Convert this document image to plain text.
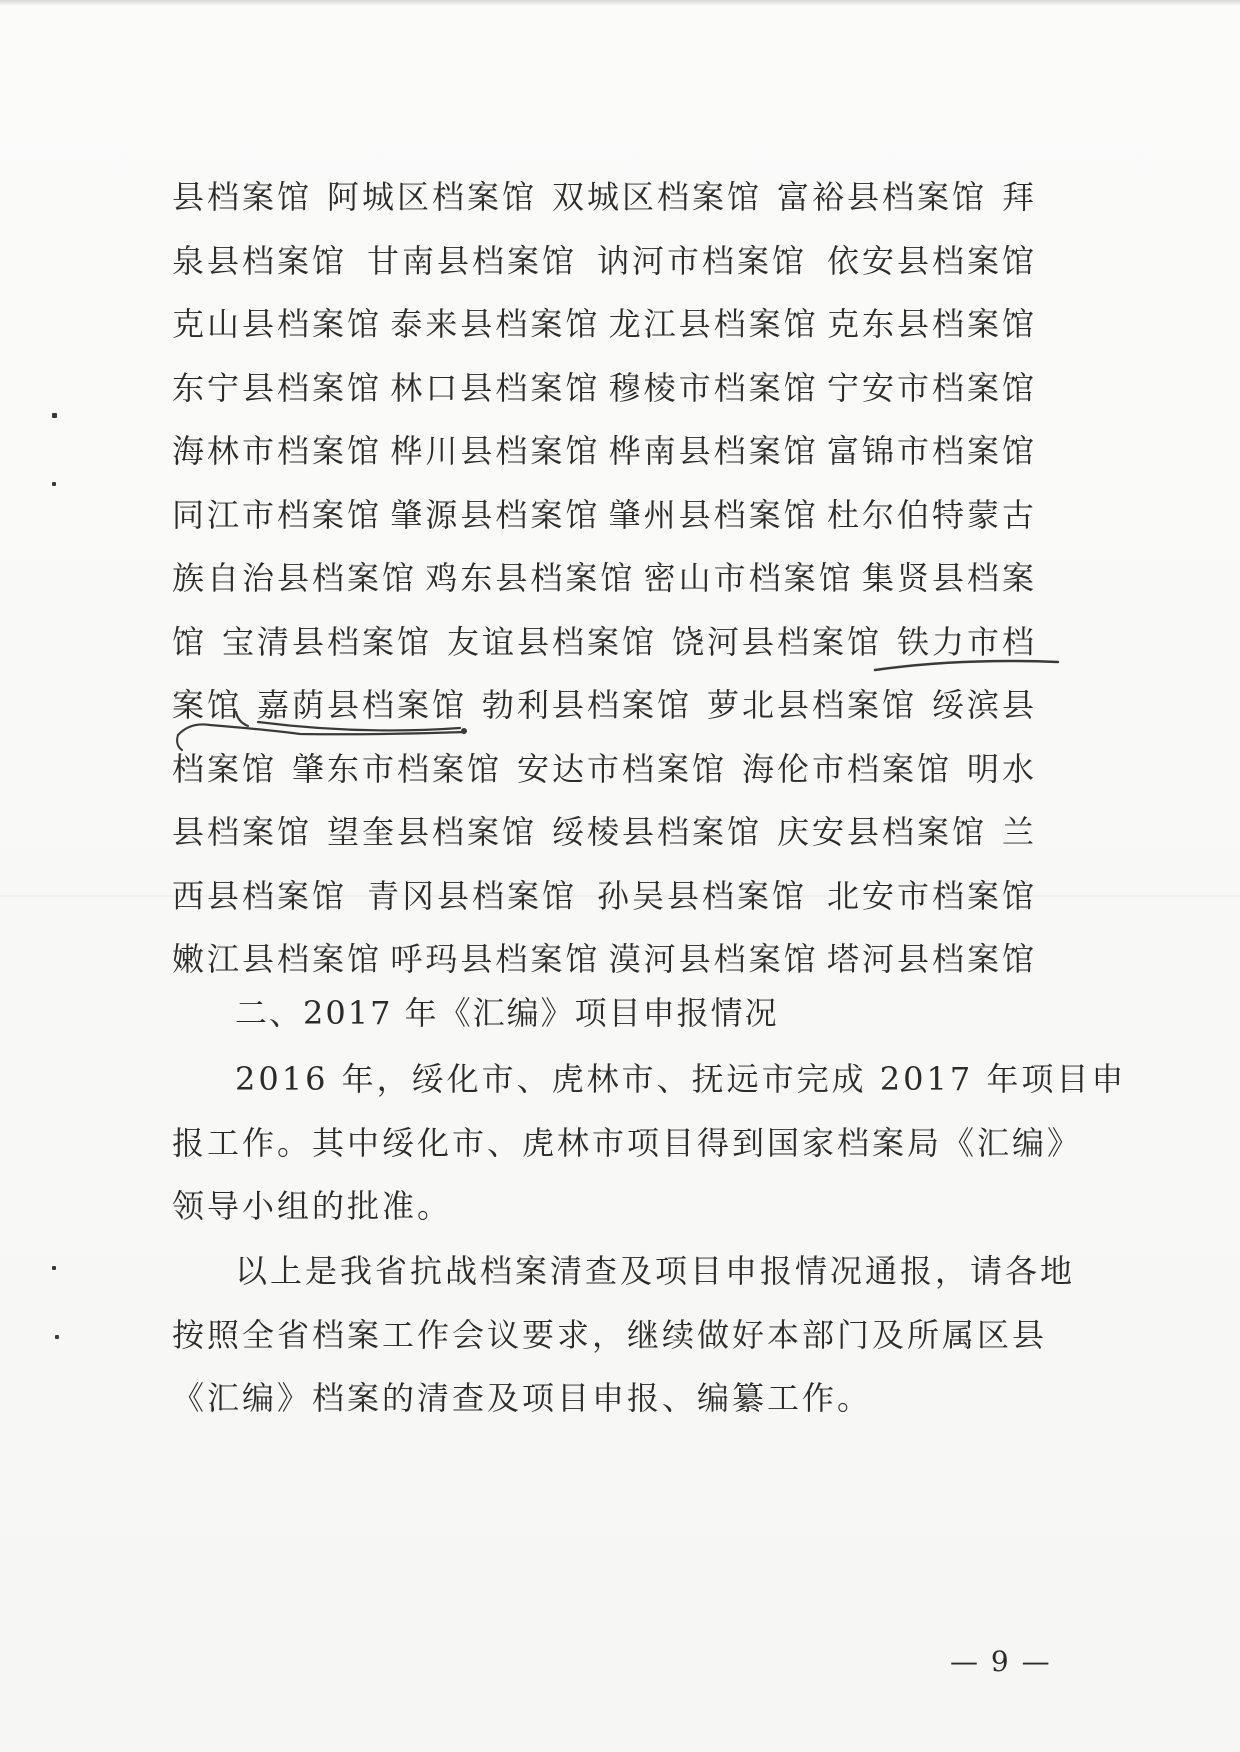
县档案馆 阿城区档案馆 双城区档案馆 富裕县档案馆 拜
泉县档案馆 甘南县档案馆 讷河市档案馆 依安县档案馆
克山县档案馆 泰来县档案馆 龙江县档案馆 克东县档案馆
东宁县档案馆 林口县档案馆 穆棱市档案馆 宁安市档案馆
海林市档案馆 桦川县档案馆 桦南县档案馆 富锦市档案馆
同江市档案馆 肇源县档案馆 肇州县档案馆 杜尔伯特蒙古
族自治县档案馆 鸡东县档案馆 密山市档案馆 集贤县档案
馆 宝清县档案馆 友谊县档案馆 饶河县档案馆 铁力市档
案馆 嘉荫县档案馆 勃利县档案馆 萝北县档案馆 绥滨县
档案馆 肇东市档案馆 安达市档案馆 海伦市档案馆 明水
县档案馆 望奎县档案馆 绥棱县档案馆 庆安县档案馆 兰
西县档案馆 青冈县档案馆 孙吴县档案馆 北安市档案馆
嫩江县档案馆 呼玛县档案馆 漠河县档案馆 塔河县档案馆
二、2017 年《汇编》项目申报情况
2016 年，绥化市、虎林市、抚远市完成 2017 年项目申
报工作。其中绥化市、虎林市项目得到国家档案局《汇编》
领导小组的批准。
以上是我省抗战档案清查及项目申报情况通报，请各地
按照全省档案工作会议要求，继续做好本部门及所属区县
《汇编》档案的清查及项目申报、编纂工作。
— 9 —
